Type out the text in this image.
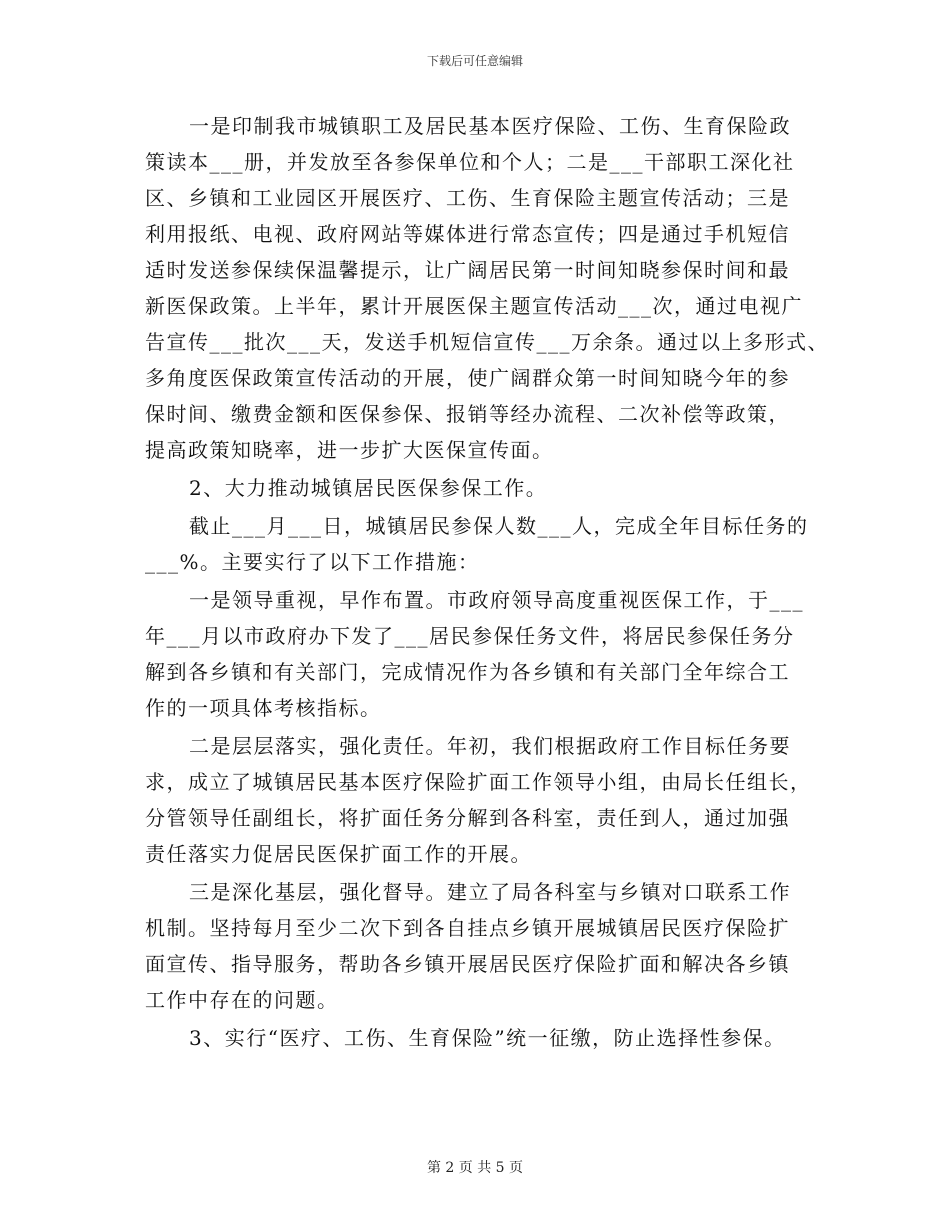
下载后可任意编辑
一是印制我市城镇职工及居民基本医疗保险、工伤、生育保险政
策读本___册，并发放至各参保单位和个人；二是___干部职工深化社
区、乡镇和工业园区开展医疗、工伤、生育保险主题宣传活动；三是
利用报纸、电视、政府网站等媒体进行常态宣传；四是通过手机短信
适时发送参保续保温馨提示，让广阔居民第一时间知晓参保时间和最
新医保政策。上半年，累计开展医保主题宣传活动___次，通过电视广
告宣传___批次___天，发送手机短信宣传___万余条。通过以上多形式、
多角度医保政策宣传活动的开展，使广阔群众第一时间知晓今年的参
保时间、缴费金额和医保参保、报销等经办流程、二次补偿等政策，
提高政策知晓率，进一步扩大医保宣传面。
2、大力推动城镇居民医保参保工作。
截止___月___日，城镇居民参保人数___人，完成全年目标任务的
___%。主要实行了以下工作措施：
一是领导重视，早作布置。市政府领导高度重视医保工作，于___
年___月以市政府办下发了___居民参保任务文件，将居民参保任务分
解到各乡镇和有关部门，完成情况作为各乡镇和有关部门全年综合工
作的一项具体考核指标。
二是层层落实，强化责任。年初，我们根据政府工作目标任务要
求，成立了城镇居民基本医疗保险扩面工作领导小组，由局长任组长，
分管领导任副组长，将扩面任务分解到各科室，责任到人，通过加强
责任落实力促居民医保扩面工作的开展。
三是深化基层，强化督导。建立了局各科室与乡镇对口联系工作
机制。坚持每月至少二次下到各自挂点乡镇开展城镇居民医疗保险扩
面宣传、指导服务，帮助各乡镇开展居民医疗保险扩面和解决各乡镇
工作中存在的问题。
3、实行“医疗、工伤、生育保险”统一征缴，防止选择性参保。
第 2 页 共 5 页
